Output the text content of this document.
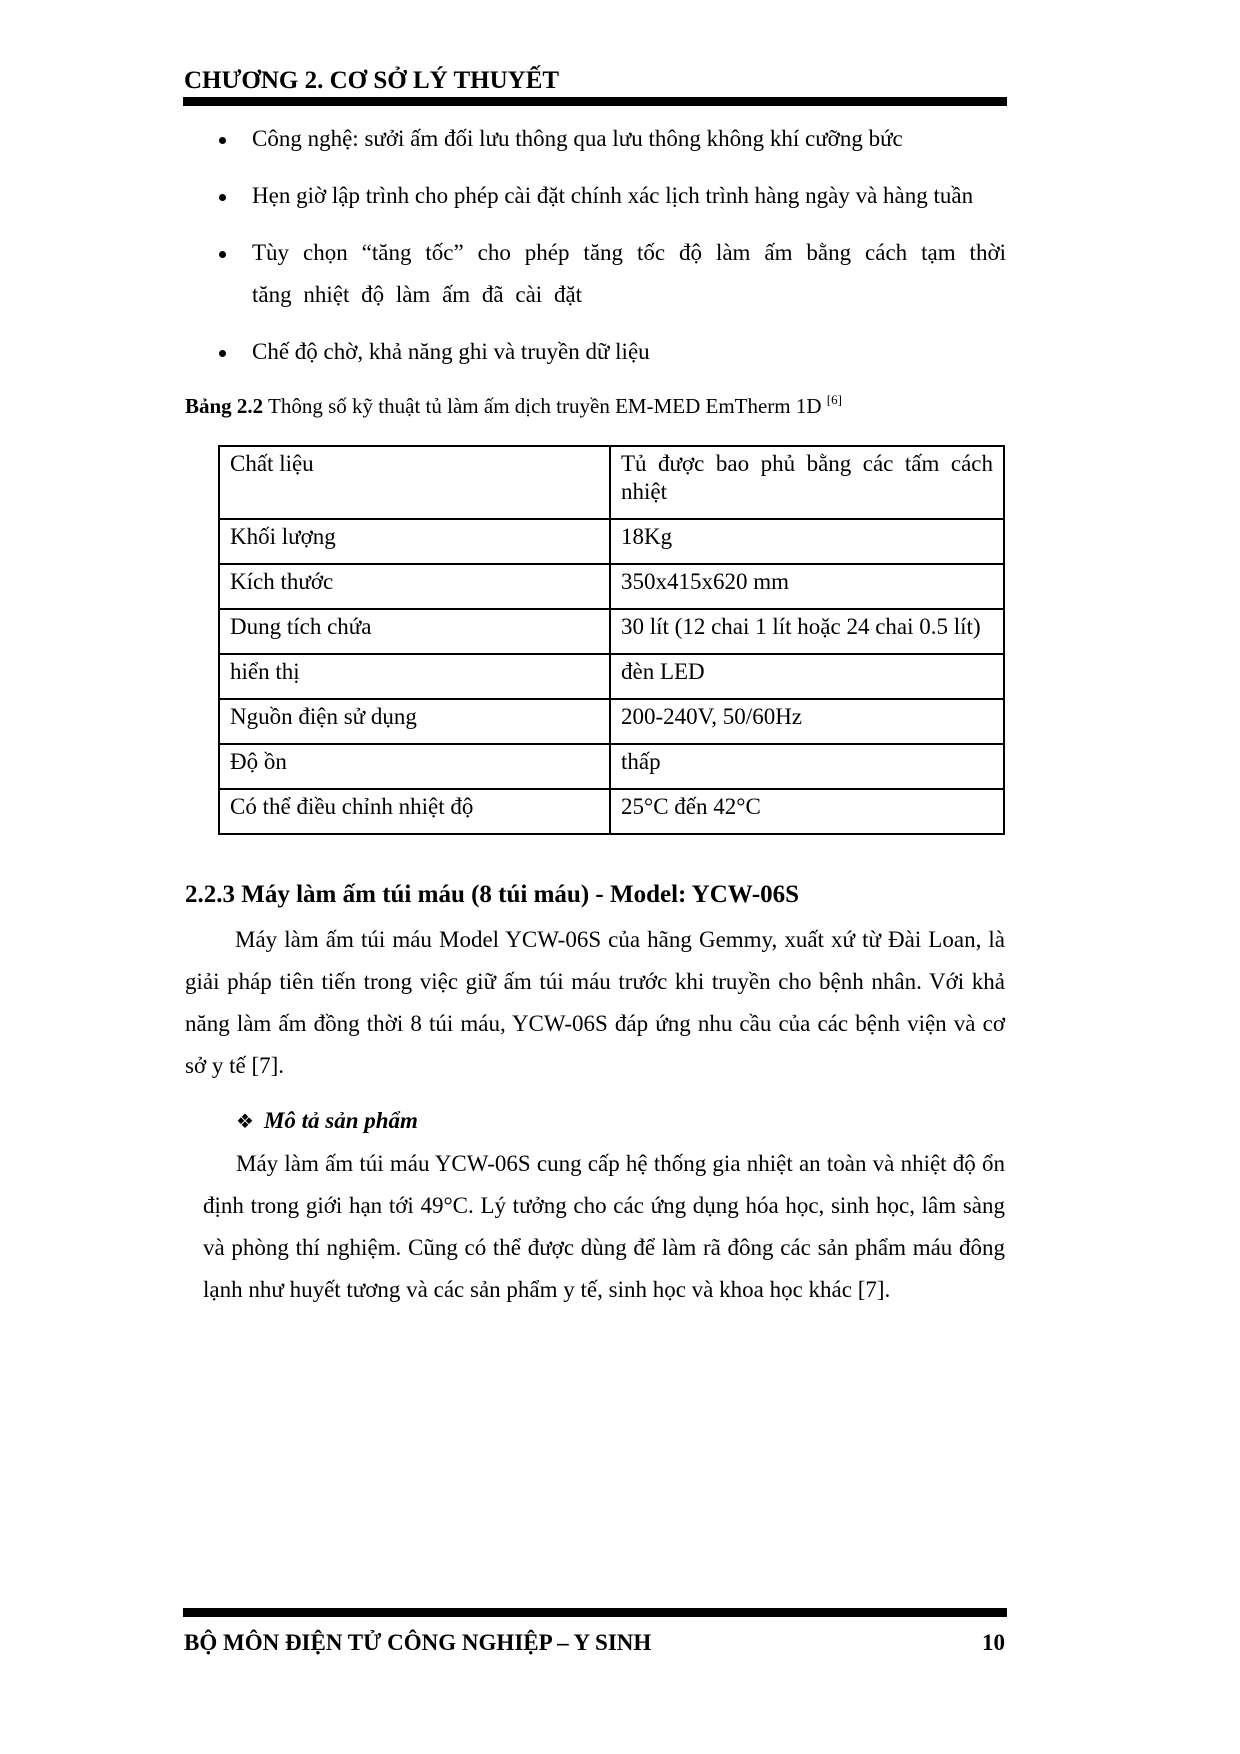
CHƯƠNG 2. CƠ SỞ LÝ THUYẾT
Công nghệ: sưởi ấm đối lưu thông qua lưu thông không khí cưỡng bức
Hẹn giờ lập trình cho phép cài đặt chính xác lịch trình hàng ngày và hàng tuần
Tùy chọn “tăng tốc” cho phép tăng tốc độ làm ấm bằng cách tạm thời tăng nhiệt độ làm ấm đã cài đặt
Chế độ chờ, khả năng ghi và truyền dữ liệu
Bảng 2.2 Thông số kỹ thuật tủ làm ấm dịch truyền EM-MED EmTherm 1D [6]
Chất liệu	Tủ được bao phủ bằng các tấm cách nhiệt
Khối lượng	18Kg
Kích thước	350x415x620 mm
Dung tích chứa	30 lít (12 chai 1 lít hoặc 24 chai 0.5 lít)
hiển thị	đèn LED
Nguồn điện sử dụng	200-240V, 50/60Hz
Độ ồn	thấp
Có thể điều chỉnh nhiệt độ	25°C đến 42°C
2.2.3 Máy làm ấm túi máu (8 túi máu) - Model: YCW-06S

Máy làm ấm túi máu Model YCW-06S của hãng Gemmy, xuất xứ từ Đài Loan, là giải pháp tiên tiến trong việc giữ ấm túi máu trước khi truyền cho bệnh nhân. Với khả năng làm ấm đồng thời 8 túi máu, YCW-06S đáp ứng nhu cầu của các bệnh viện và cơ sở y tế [7].

❖ Mô tả sản phẩm

Máy làm ấm túi máu YCW-06S cung cấp hệ thống gia nhiệt an toàn và nhiệt độ ổn định trong giới hạn tới 49°C. Lý tưởng cho các ứng dụng hóa học, sinh học, lâm sàng và phòng thí nghiệm. Cũng có thể được dùng để làm rã đông các sản phẩm máu đông lạnh như huyết tương và các sản phẩm y tế, sinh học và khoa học khác [7].

BỘ MÔN ĐIỆN TỬ CÔNG NGHIỆP – Y SINH	10
